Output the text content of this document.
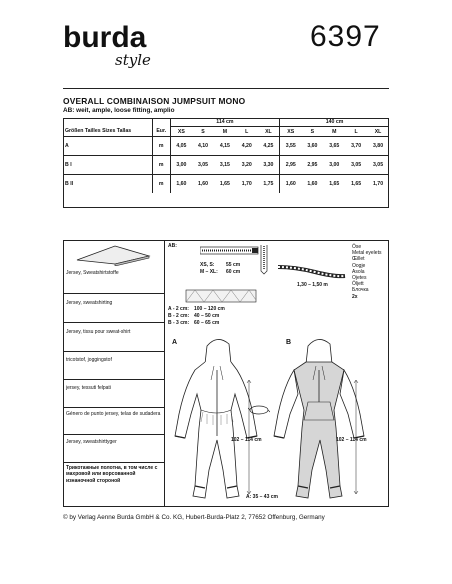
burda
style
6397
OVERALL COMBINAISON JUMPSUIT MONO
AB: weit, ample, loose fitting, amplio
		114 cm					140 cm				
Größen Tailles Sizes Tallas	Eur.	XS	S	M	L	XL	XS	S	M	L	XL
A	m	4,05	4,10	4,15	4,20	4,25	3,55	3,60	3,65	3,70	3,80
B I	m	3,00	3,05	3,15	3,20	3,30	2,95	2,95	3,00	3,05	3,05
B II	m	1,60	1,60	1,65	1,70	1,75	1,60	1,60	1,65	1,65	1,70
Jersey, Sweatshirtstoffe
Jersey, sweatshirting
Jersey, tissu pour sweat-shirt
tricotstof, joggingstof
jersey, tessuti felpati
Género de punto jersey, telas de sudadera
Jersey, sweatshirttyger
Трикотажные полотна, в том числе с махровой или ворсованной изнаночной стороной
AB:
XS, S:
M – XL:
55 cm
60 cm
1,30 – 1,50 m
Öse
Metal eyelets
Œillet
Oogje
Asola
Ojetes
Öljett
Блочка
2x
A - 2 cm:
B - 2 cm:
B - 3 cm:
100 – 120 cm
40 – 50 cm
60 – 65 cm
A
102 – 114 cm
A: 35 – 43 cm
B
102 – 114 cm
© by Verlag Aenne Burda GmbH & Co. KG, Hubert-Burda-Platz 2, 77652 Offenburg, Germany
